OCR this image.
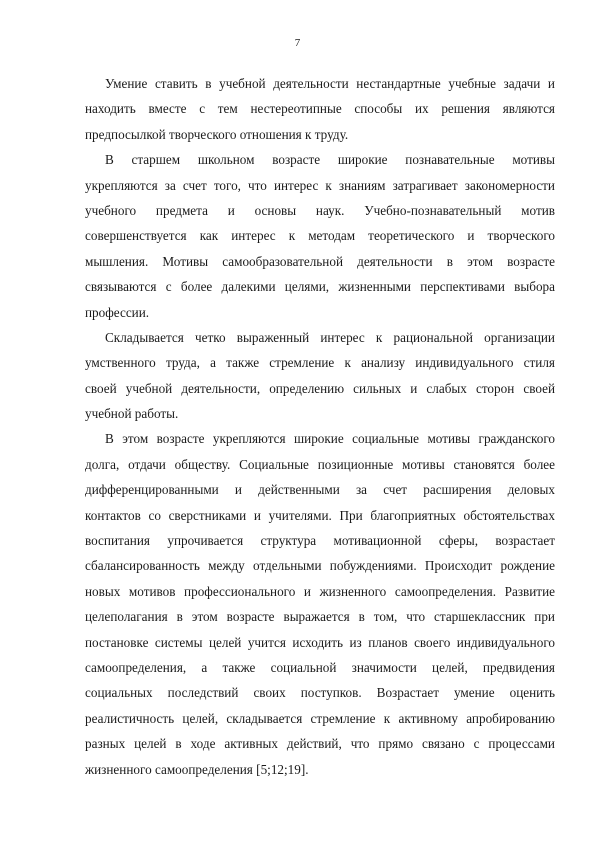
7
Умение ставить в учебной деятельности нестандартные учебные задачи и
находить вместе с тем нестереотипные способы их решения являются
предпосылкой творческого отношения к труду.
В старшем школьном возрасте широкие познавательные мотивы
укрепляются за счет того, что интерес к знаниям затрагивает закономерности
учебного предмета и основы наук. Учебно-познавательный мотив
совершенствуется как интерес к методам теоретического и творческого
мышления. Мотивы самообразовательной деятельности в этом возрасте
связываются с более далекими целями, жизненными перспективами выбора
профессии.
Складывается четко выраженный интерес к рациональной организации
умственного труда, а также стремление к анализу индивидуального стиля
своей учебной деятельности, определению сильных и слабых сторон своей
учебной работы.
В этом возрасте укрепляются широкие социальные мотивы гражданского
долга, отдачи обществу. Социальные позиционные мотивы становятся более
дифференцированными и действенными за счет расширения деловых
контактов со сверстниками и учителями. При благоприятных обстоятельствах
воспитания упрочивается структура мотивационной сферы, возрастает
сбалансированность между отдельными побуждениями. Происходит рождение
новых мотивов профессионального и жизненного самоопределения. Развитие
целеполагания в этом возрасте выражается в том, что старшеклассник при
постановке системы целей учится исходить из планов своего индивидуального
самоопределения, а также социальной значимости целей, предвидения
социальных последствий своих поступков. Возрастает умение оценить
реалистичность целей, складывается стремление к активному апробированию
разных целей в ходе активных действий, что прямо связано с процессами
жизненного самоопределения [5;12;19].
